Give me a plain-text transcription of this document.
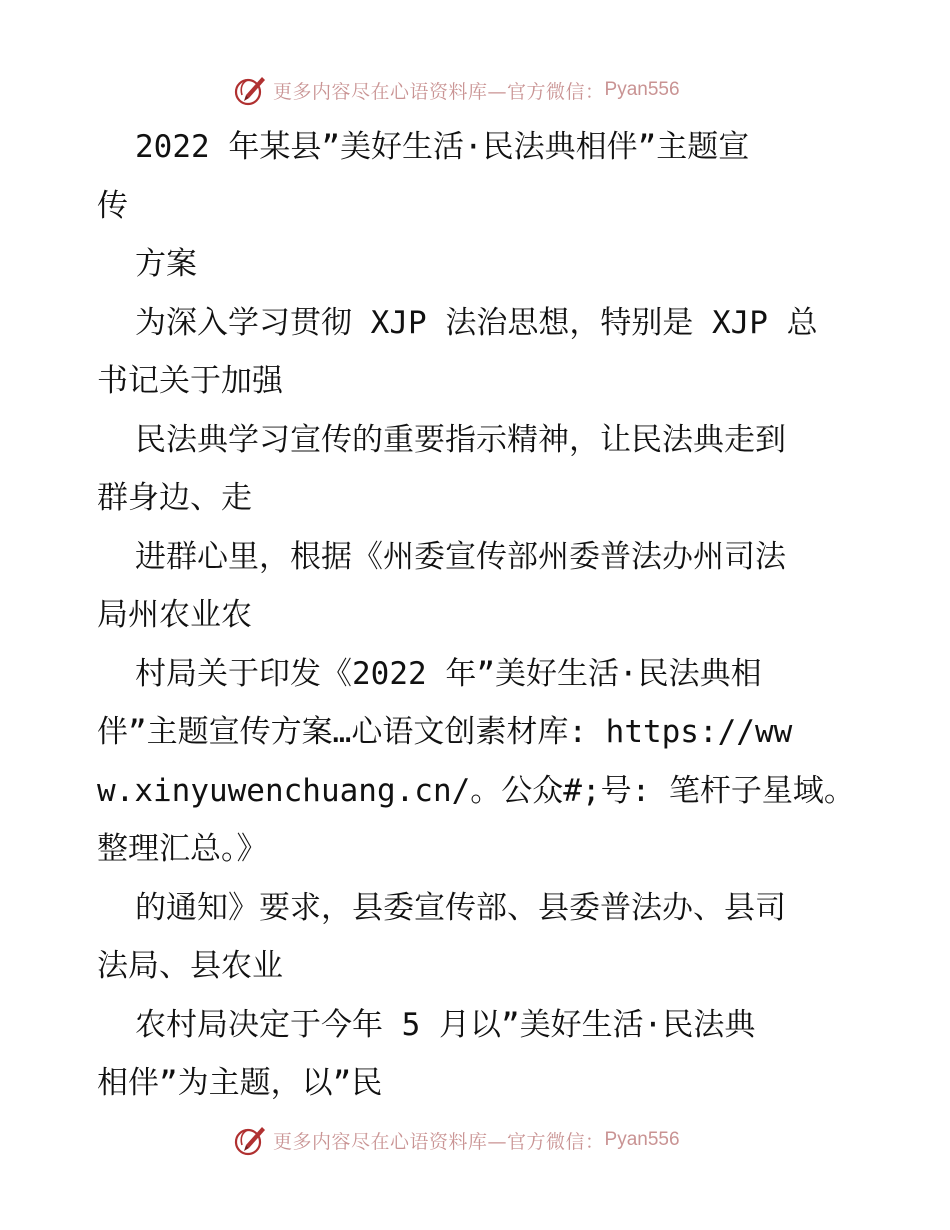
更多内容尽在心语资料库—官方微信： Pyan556
2022 年某县”美好生活·民法典相伴”主题宣
传
方案
为深入学习贯彻 XJP 法治思想，特别是 XJP 总
书记关于加强
民法典学习宣传的重要指示精神，让民法典走到
群身边、走
进群心里，根据《州委宣传部州委普法办州司法
局州农业农
村局关于印发《2022 年”美好生活·民法典相
伴”主题宣传方案…心语文创素材库: https://ww
w.xinyuwenchuang.cn/。公众#;号: 笔杆子星域。
整理汇总。》
的通知》要求，县委宣传部、县委普法办、县司
法局、县农业
农村局决定于今年 5 月以”美好生活·民法典
相伴”为主题，以”民
更多内容尽在心语资料库—官方微信： Pyan556
